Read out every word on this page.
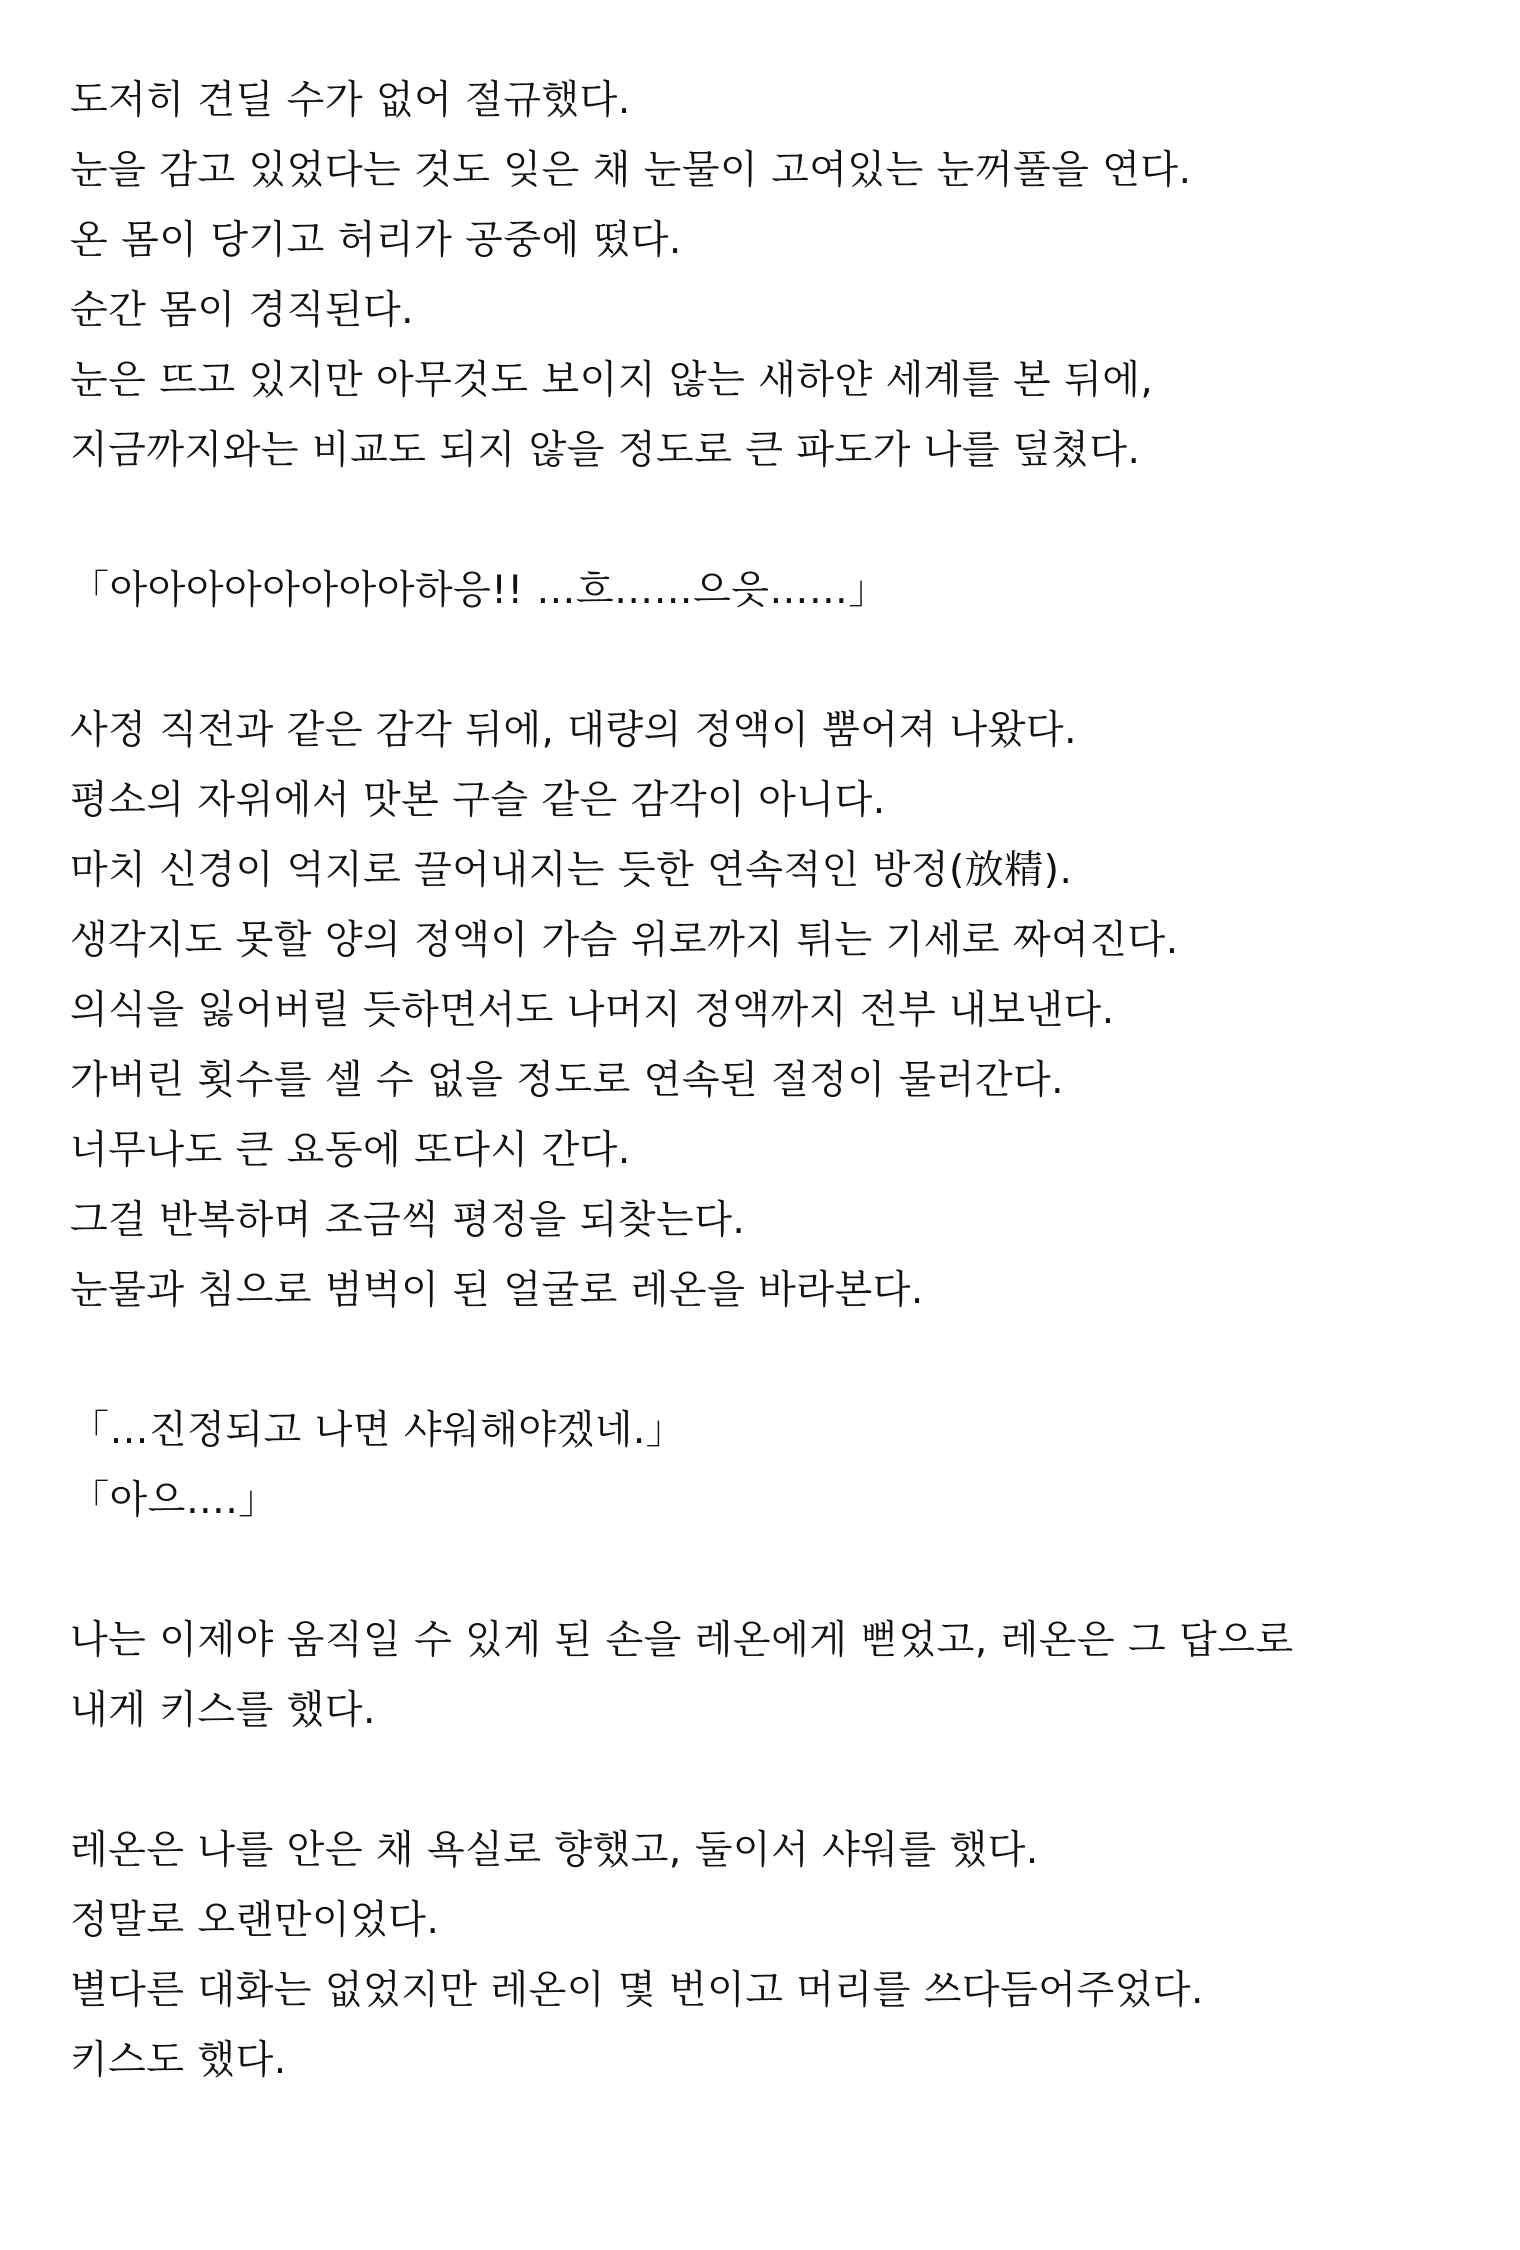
도저히 견딜 수가 없어 절규했다.
눈을 감고 있었다는 것도 잊은 채 눈물이 고여있는 눈꺼풀을 연다.
온 몸이 당기고 허리가 공중에 떴다.
순간 몸이 경직된다.
눈은 뜨고 있지만 아무것도 보이지 않는 새하얀 세계를 본 뒤에,
지금까지와는 비교도 되지 않을 정도로 큰 파도가 나를 덮쳤다.
「아아아아아아아아하응!! …흐……으읏……」
사정 직전과 같은 감각 뒤에, 대량의 정액이 뿜어져 나왔다.
평소의 자위에서 맛본 구슬 같은 감각이 아니다.
마치 신경이 억지로 끌어내지는 듯한 연속적인 방정(放精).
생각지도 못할 양의 정액이 가슴 위로까지 튀는 기세로 짜여진다.
의식을 잃어버릴 듯하면서도 나머지 정액까지 전부 내보낸다.
가버린 횟수를 셀 수 없을 정도로 연속된 절정이 물러간다.
너무나도 큰 요동에 또다시 간다.
그걸 반복하며 조금씩 평정을 되찾는다.
눈물과 침으로 범벅이 된 얼굴로 레온을 바라본다.
「…진정되고 나면 샤워해야겠네.」
「아으….」
나는 이제야 움직일 수 있게 된 손을 레온에게 뻗었고, 레온은 그 답으로
내게 키스를 했다.
레온은 나를 안은 채 욕실로 향했고, 둘이서 샤워를 했다.
정말로 오랜만이었다.
별다른 대화는 없었지만 레온이 몇 번이고 머리를 쓰다듬어주었다.
키스도 했다.
